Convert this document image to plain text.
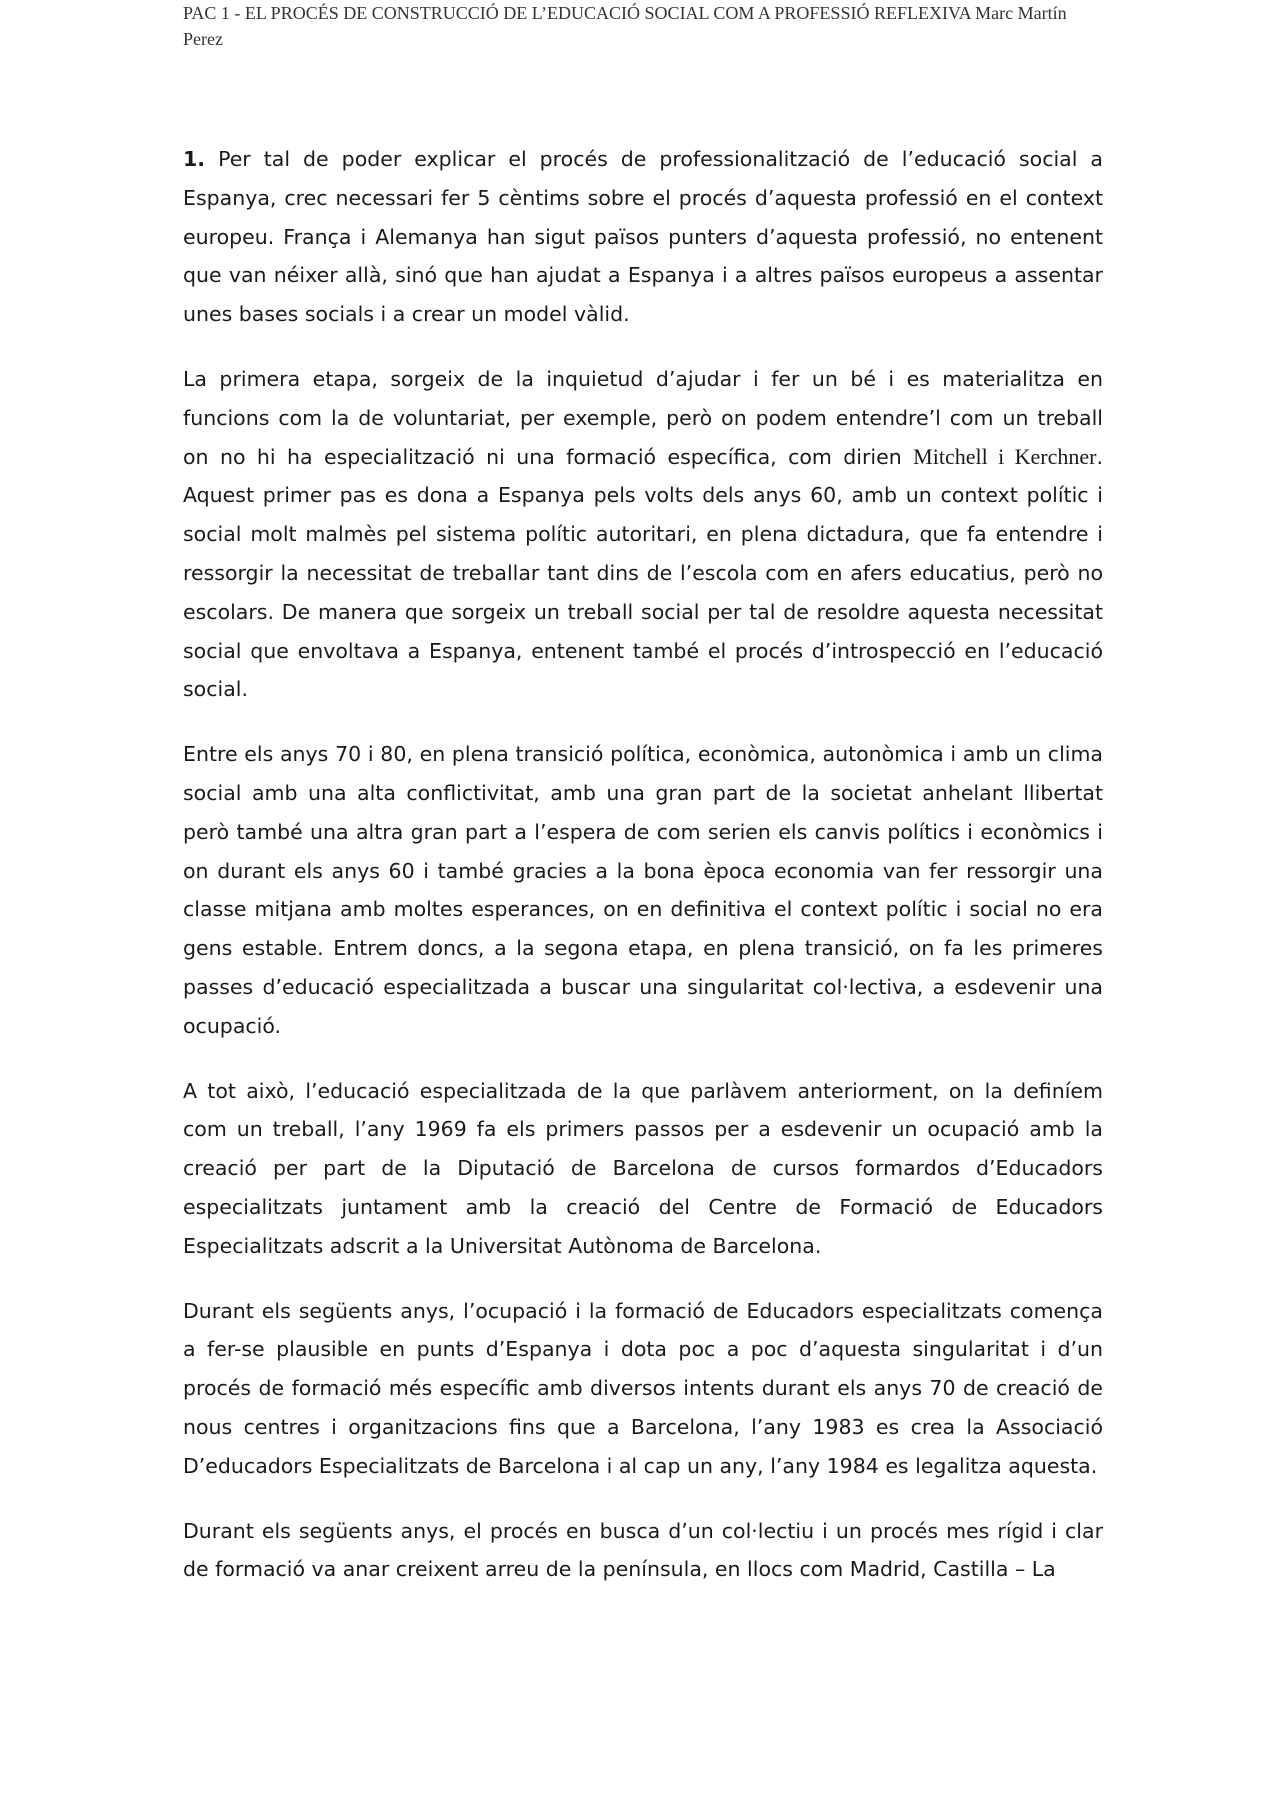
PAC 1 - EL PROCÉS DE CONSTRUCCIÓ DE L’EDUCACIÓ SOCIAL COM A PROFESSIÓ REFLEXIVA Marc Martín Perez

1. Per tal de poder explicar el procés de professionalització de l’educació social a Espanya, crec necessari fer 5 cèntims sobre el procés d’aquesta professió en el context europeu. França i Alemanya han sigut països punters d’aquesta professió, no entenent que van néixer allà, sinó que han ajudat a Espanya i a altres països europeus a assentar unes bases socials i a crear un model vàlid.

La primera etapa, sorgeix de la inquietud d’ajudar i fer un bé i es materialitza en funcions com la de voluntariat, per exemple, però on podem entendre’l com un treball on no hi ha especialització ni una formació específica, com dirien Mitchell i Kerchner. Aquest primer pas es dona a Espanya pels volts dels anys 60, amb un context polític i social molt malmès pel sistema polític autoritari, en plena dictadura, que fa entendre i ressorgir la necessitat de treballar tant dins de l’escola com en afers educatius, però no escolars. De manera que sorgeix un treball social per tal de resoldre aquesta necessitat social que envoltava a Espanya, entenent també el procés d’introspecció en l’educació social.

Entre els anys 70 i 80, en plena transició política, econòmica, autonòmica i amb un clima social amb una alta conflictivitat, amb una gran part de la societat anhelant llibertat però també una altra gran part a l’espera de com serien els canvis polítics i econòmics i on durant els anys 60 i també gracies a la bona època economia van fer ressorgir una classe mitjana amb moltes esperances, on en definitiva el context polític i social no era gens estable. Entrem doncs, a la segona etapa, en plena transició, on fa les primeres passes d’educació especialitzada a buscar una singularitat col·lectiva, a esdevenir una ocupació.

A tot això, l’educació especialitzada de la que parlàvem anteriorment, on la definíem com un treball, l’any 1969 fa els primers passos per a esdevenir un ocupació amb la creació per part de la Diputació de Barcelona de cursos formardos d’Educadors especialitzats juntament amb la creació del Centre de Formació de Educadors Especialitzats adscrit a la Universitat Autònoma de Barcelona.

Durant els següents anys, l’ocupació i la formació de Educadors especialitzats comença a fer-se plausible en punts d’Espanya i dota poc a poc d’aquesta singularitat i d’un procés de formació més específic amb diversos intents durant els anys 70 de creació de nous centres i organitzacions fins que a Barcelona, l’any 1983 es crea la Associació D’educadors Especialitzats de Barcelona i al cap un any, l’any 1984 es legalitza aquesta.

Durant els següents anys, el procés en busca d’un col·lectiu i un procés mes rígid i clar de formació va anar creixent arreu de la península, en llocs com Madrid, Castilla – La
